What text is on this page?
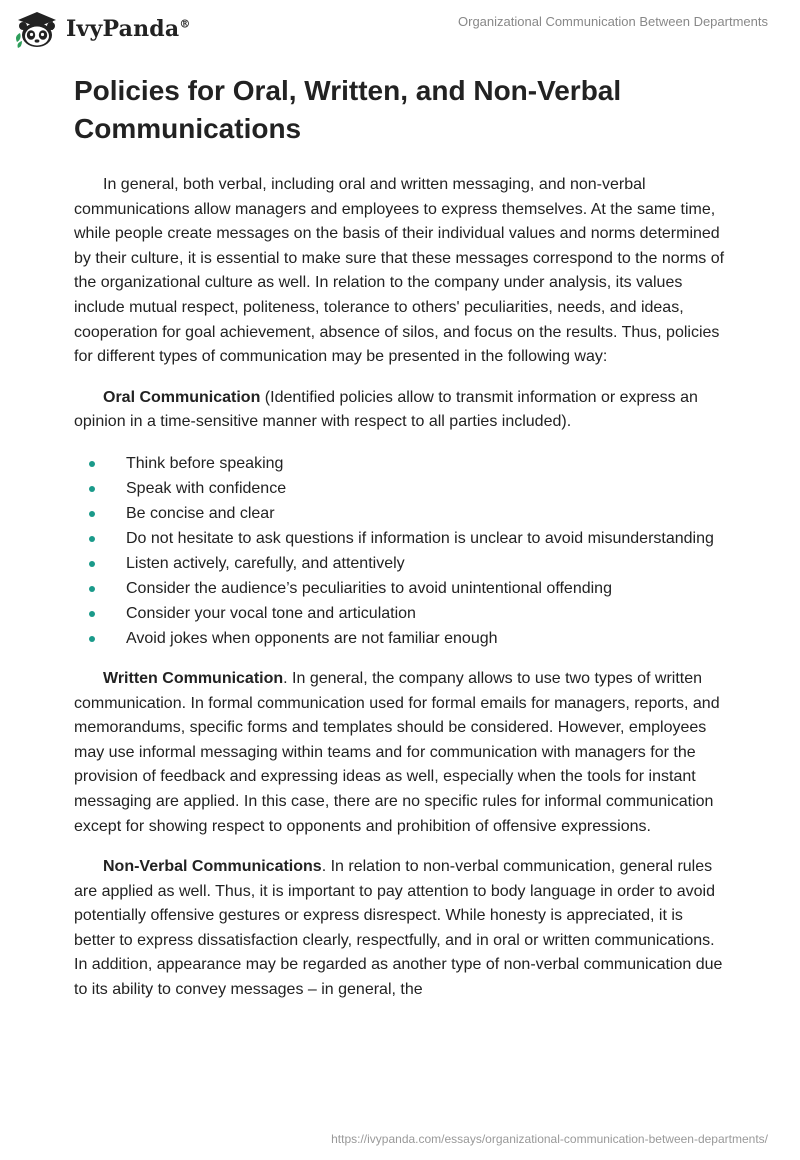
IvyPanda®	Organizational Communication Between Departments
Policies for Oral, Written, and Non-Verbal Communications

In general, both verbal, including oral and written messaging, and non-verbal communications allow managers and employees to express themselves. At the same time, while people create messages on the basis of their individual values and norms determined by their culture, it is essential to make sure that these messages correspond to the norms of the organizational culture as well. In relation to the company under analysis, its values include mutual respect, politeness, tolerance to others' peculiarities, needs, and ideas, cooperation for goal achievement, absence of silos, and focus on the results. Thus, policies for different types of communication may be presented in the following way:

Oral Communication (Identified policies allow to transmit information or express an opinion in a time-sensitive manner with respect to all parties included).

Think before speaking
Speak with confidence
Be concise and clear
Do not hesitate to ask questions if information is unclear to avoid misunderstanding
Listen actively, carefully, and attentively
Consider the audience’s peculiarities to avoid unintentional offending
Consider your vocal tone and articulation
Avoid jokes when opponents are not familiar enough

Written Communication. In general, the company allows to use two types of written communication. In formal communication used for formal emails for managers, reports, and memorandums, specific forms and templates should be considered. However, employees may use informal messaging within teams and for communication with managers for the provision of feedback and expressing ideas as well, especially when the tools for instant messaging are applied. In this case, there are no specific rules for informal communication except for showing respect to opponents and prohibition of offensive expressions.

Non-Verbal Communications. In relation to non-verbal communication, general rules are applied as well. Thus, it is important to pay attention to body language in order to avoid potentially offensive gestures or express disrespect. While honesty is appreciated, it is better to express dissatisfaction clearly, respectfully, and in oral or written communications. In addition, appearance may be regarded as another type of non-verbal communication due to its ability to convey messages – in general, the

https://ivypanda.com/essays/organizational-communication-between-departments/
